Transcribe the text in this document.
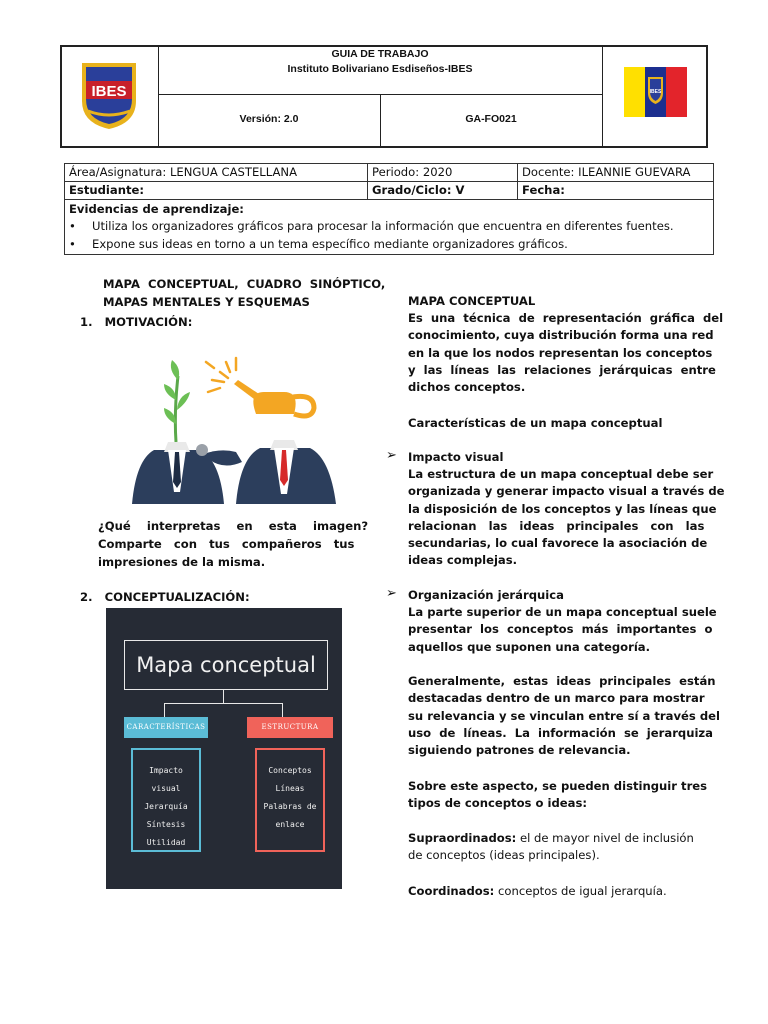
IBES
GUIA DE TRABAJO
Instituto Bolivariano Esdiseños-IBES
Versión: 2.0	GA-FO021
IBES
Área/Asignatura: LENGUA CASTELLANA	Periodo: 2020	Docente: ILEANNIE GUEVARA
Estudiante:	Grado/Ciclo: V	Fecha:
Evidencias de aprendizaje:
• Utiliza los organizadores gráficos para procesar la información que encuentra en diferentes fuentes.
• Expone sus ideas en torno a un tema específico mediante organizadores gráficos.
MAPA  CONCEPTUAL,  CUADRO  SINÓPTICO,
MAPAS MENTALES Y ESQUEMAS
1.   MOTIVACIÓN:
¿Qué    interpretas    en    esta    imagen?
Comparte   con   tus   compañeros   tus
impresiones de la misma.
2.   CONCEPTUALIZACIÓN:
Mapa conceptual
CARACTERÍSTICAS	ESTRUCTURA
Impacto visual
Jerarquía
Síntesis
Utilidad
Conceptos
Líneas
Palabras de
enlace
MAPA CONCEPTUAL
Es  una  técnica  de  representación  gráfica  del
conocimiento, cuya distribución forma una red
en la que los nodos representan los conceptos
y  las  líneas  las  relaciones  jerárquicas  entre
dichos conceptos.
Características de un mapa conceptual
➢ Impacto visual
La estructura de un mapa conceptual debe ser
organizada y generar impacto visual a través de
la disposición de los conceptos y las líneas que
relacionan   las   ideas   principales   con   las
secundarias, lo cual favorece la asociación de
ideas complejas.
➢ Organización jerárquica
La parte superior de un mapa conceptual suele
presentar  los  conceptos  más  importantes  o
aquellos que suponen una categoría.
Generalmente,  estas  ideas  principales  están
destacadas dentro de un marco para mostrar
su relevancia y se vinculan entre sí a través del
uso  de  líneas.  La  información  se  jerarquiza
siguiendo patrones de relevancia.
Sobre este aspecto, se pueden distinguir tres
tipos de conceptos o ideas:
Supraordinados: el de mayor nivel de inclusión
de conceptos (ideas principales).
Coordinados: conceptos de igual jerarquía.
